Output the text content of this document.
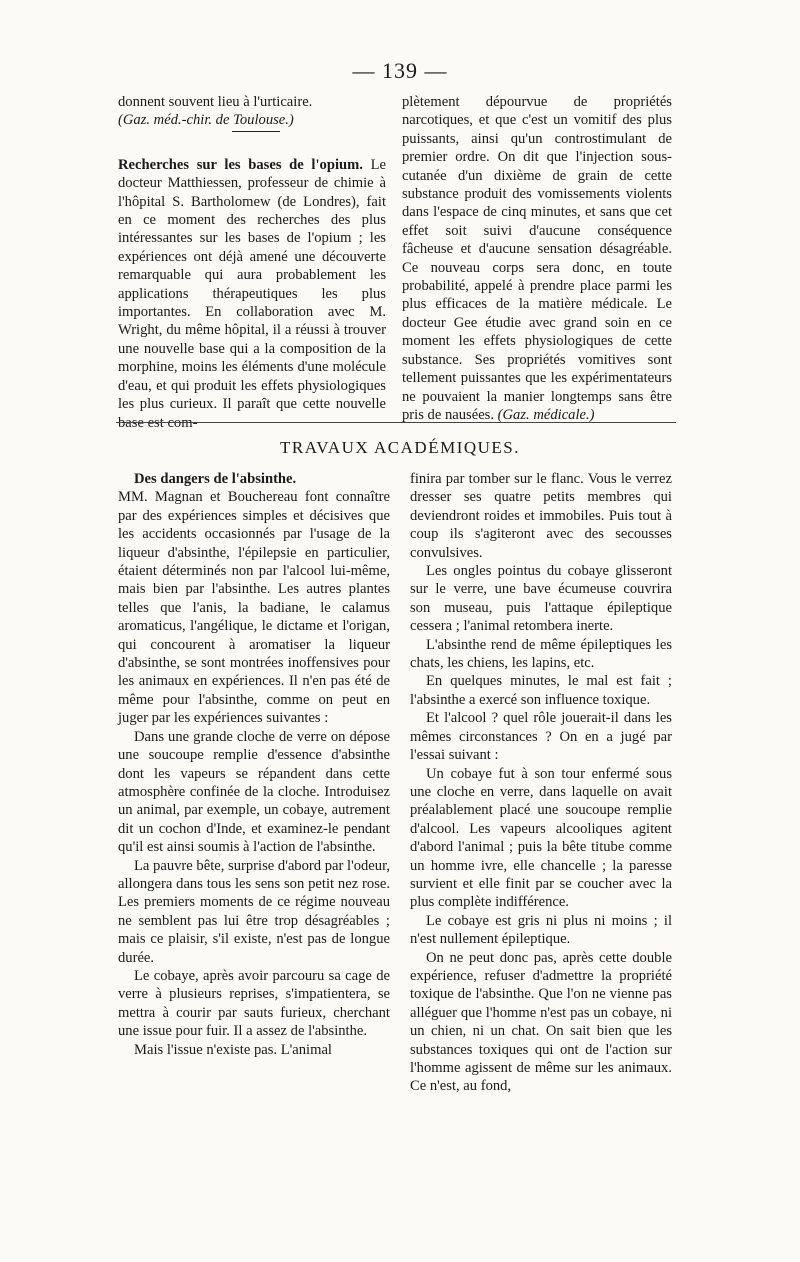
— 139 —

donnent souvent lieu à l'urticaire.

(Gaz. méd.-chir. de Toulouse.)

Recherches sur les bases de l'opium. Le docteur Matthiessen, professeur de chimie à l'hôpital S. Bartholomew (de Londres), fait en ce moment des recherches des plus intéressantes sur les bases de l'opium ; les expériences ont déjà amené une découverte remarquable qui aura probablement les applications thérapeutiques les plus importantes. En collaboration avec M. Wright, du même hôpital, il a réussi à trouver une nouvelle base qui a la composition de la morphine, moins les éléments d'une molécule d'eau, et qui produit les effets physiologiques les plus curieux. Il paraît que cette nouvelle base est com-

plètement dépourvue de propriétés narcotiques, et que c'est un vomitif des plus puissants, ainsi qu'un controstimulant de premier ordre. On dit que l'injection sous-cutanée d'un dixième de grain de cette substance produit des vomissements violents dans l'espace de cinq minutes, et sans que cet effet soit suivi d'aucune conséquence fâcheuse et d'aucune sensation désagréable. Ce nouveau corps sera donc, en toute probabilité, appelé à prendre place parmi les plus efficaces de la matière médicale. Le docteur Gee étudie avec grand soin en ce moment les effets physiologiques de cette substance. Ses propriétés vomitives sont tellement puissantes que les expérimentateurs ne pouvaient la manier longtemps sans être pris de nausées. (Gaz. médicale.)

TRAVAUX ACADÉMIQUES.

Des dangers de l'absinthe.

MM. Magnan et Bouchereau font connaître par des expériences simples et décisives que les accidents occasionnés par l'usage de la liqueur d'absinthe, l'épilepsie en particulier, étaient déterminés non par l'alcool lui-même, mais bien par l'absinthe. Les autres plantes telles que l'anis, la badiane, le calamus aromaticus, l'angélique, le dictame et l'origan, qui concourent à aromatiser la liqueur d'absinthe, se sont montrées inoffensives pour les animaux en expériences. Il n'en pas été de même pour l'absinthe, comme on peut en juger par les expériences suivantes :

Dans une grande cloche de verre on dépose une soucoupe remplie d'essence d'absinthe dont les vapeurs se répandent dans cette atmosphère confinée de la cloche. Introduisez un animal, par exemple, un cobaye, autrement dit un cochon d'Inde, et examinez-le pendant qu'il est ainsi soumis à l'action de l'absinthe.

La pauvre bête, surprise d'abord par l'odeur, allongera dans tous les sens son petit nez rose. Les premiers moments de ce régime nouveau ne semblent pas lui être trop désagréables ; mais ce plaisir, s'il existe, n'est pas de longue durée.

Le cobaye, après avoir parcouru sa cage de verre à plusieurs reprises, s'impatientera, se mettra à courir par sauts furieux, cherchant une issue pour fuir. Il a assez de l'absinthe.

Mais l'issue n'existe pas. L'animal

finira par tomber sur le flanc. Vous le verrez dresser ses quatre petits membres qui deviendront roides et immobiles. Puis tout à coup ils s'agiteront avec des secousses convulsives.

Les ongles pointus du cobaye glisseront sur le verre, une bave écumeuse couvrira son museau, puis l'attaque épileptique cessera ; l'animal retombera inerte.

L'absinthe rend de même épileptiques les chats, les chiens, les lapins, etc.

En quelques minutes, le mal est fait ; l'absinthe a exercé son influence toxique.

Et l'alcool ? quel rôle jouerait-il dans les mêmes circonstances ? On en a jugé par l'essai suivant :

Un cobaye fut à son tour enfermé sous une cloche en verre, dans laquelle on avait préalablement placé une soucoupe remplie d'alcool. Les vapeurs alcooliques agitent d'abord l'animal ; puis la bête titube comme un homme ivre, elle chancelle ; la paresse survient et elle finit par se coucher avec la plus complète indifférence.

Le cobaye est gris ni plus ni moins ; il n'est nullement épileptique.

On ne peut donc pas, après cette double expérience, refuser d'admettre la propriété toxique de l'absinthe. Que l'on ne vienne pas alléguer que l'homme n'est pas un cobaye, ni un chien, ni un chat. On sait bien que les substances toxiques qui ont de l'action sur l'homme agissent de même sur les animaux. Ce n'est, au fond,
